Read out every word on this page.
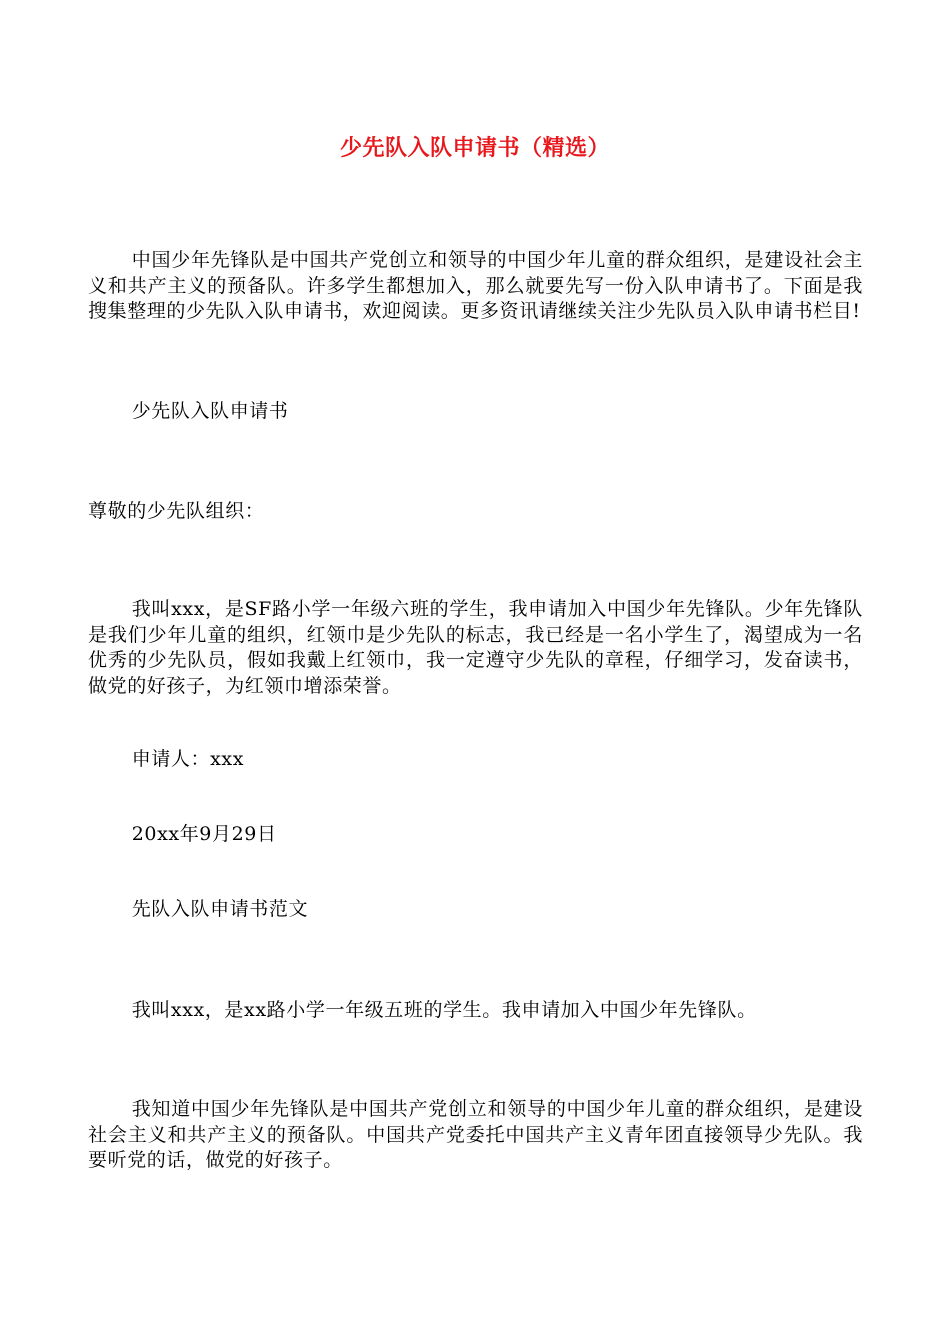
少先队入队申请书（精选）

中国少年先锋队是中国共产党创立和领导的中国少年儿童的群众组织，是建设社会主义和共产主义的预备队。许多学生都想加入，那么就要先写一份入队申请书了。下面是我搜集整理的少先队入队申请书，欢迎阅读。更多资讯请继续关注少先队员入队申请书栏目!

少先队入队申请书

尊敬的少先队组织：

我叫xxx，是SF路小学一年级六班的学生，我申请加入中国少年先锋队。少年先锋队是我们少年儿童的组织，红领巾是少先队的标志，我已经是一名小学生了，渴望成为一名优秀的少先队员，假如我戴上红领巾，我一定遵守少先队的章程，仔细学习，发奋读书，做党的好孩子，为红领巾增添荣誉。

申请人：xxx

20xx年9月29日

先队入队申请书范文

我叫xxx，是xx路小学一年级五班的学生。我申请加入中国少年先锋队。

我知道中国少年先锋队是中国共产党创立和领导的中国少年儿童的群众组织，是建设社会主义和共产主义的预备队。中国共产党委托中国共产主义青年团直接领导少先队。我要听党的话，做党的好孩子。
